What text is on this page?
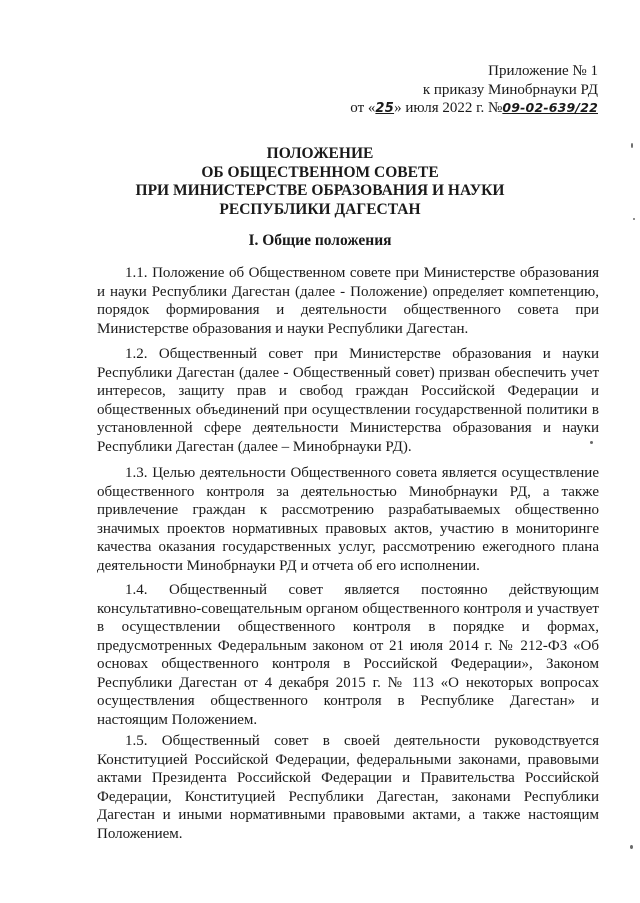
Приложение № 1
к приказу Минобрнауки РД
от «25» июля 2022 г. №09-02-639/22
ПОЛОЖЕНИЕ
ОБ ОБЩЕСТВЕННОМ СОВЕТЕ
ПРИ МИНИСТЕРСТВЕ ОБРАЗОВАНИЯ И НАУКИ
РЕСПУБЛИКИ ДАГЕСТАН
I. Общие положения

1.1. Положение об Общественном совете при Министерстве образования и науки Республики Дагестан (далее - Положение) определяет компетенцию, порядок формирования и деятельности общественного совета при Министерстве образования и науки Республики Дагестан.

1.2. Общественный совет при Министерстве образования и науки Республики Дагестан (далее - Общественный совет) призван обеспечить учет интересов, защиту прав и свобод граждан Российской Федерации и общественных объединений при осуществлении государственной политики в установленной сфере деятельности Министерства образования и науки Республики Дагестан (далее – Минобрнауки РД).

1.3. Целью деятельности Общественного совета является осуществление общественного контроля за деятельностью Минобрнауки РД, а также привлечение граждан к рассмотрению разрабатываемых общественно значимых проектов нормативных правовых актов, участию в мониторинге качества оказания государственных услуг, рассмотрению ежегодного плана деятельности Минобрнауки РД и отчета об его исполнении.

1.4. Общественный совет является постоянно действующим консультативно-совещательным органом общественного контроля и участвует в осуществлении общественного контроля в порядке и формах, предусмотренных Федеральным законом от 21 июля 2014 г. № 212-ФЗ «Об основах общественного контроля в Российской Федерации», Законом Республики Дагестан от 4 декабря 2015 г. № 113 «О некоторых вопросах осуществления общественного контроля в Республике Дагестан» и настоящим Положением.

1.5. Общественный совет в своей деятельности руководствуется Конституцией Российской Федерации, федеральными законами, правовыми актами Президента Российской Федерации и Правительства Российской Федерации, Конституцией Республики Дагестан, законами Республики Дагестан и иными нормативными правовыми актами, а также настоящим Положением.
